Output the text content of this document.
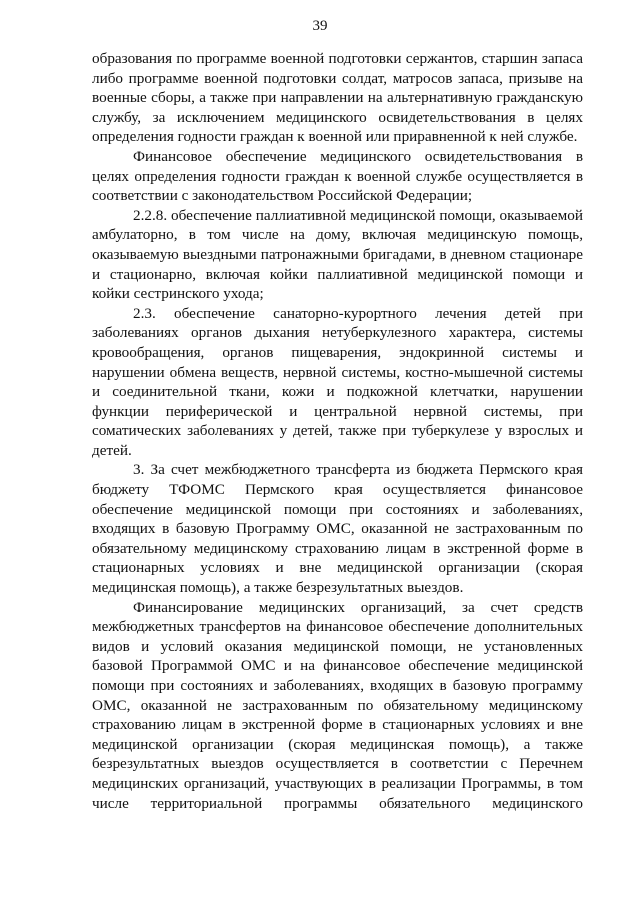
39

образования по программе военной подготовки сержантов, старшин запаса либо программе военной подготовки солдат, матросов запаса, призыве на военные сборы, а также при направлении на альтернативную гражданскую службу, за исключением медицинского освидетельствования в целях определения годности граждан к военной или приравненной к ней службе.

Финансовое обеспечение медицинского освидетельствования в целях определения годности граждан к военной службе осуществляется в соответствии с законодательством Российской Федерации;

2.2.8. обеспечение паллиативной медицинской помощи, оказываемой амбулаторно, в том числе на дому, включая медицинскую помощь, оказываемую выездными патронажными бригадами, в дневном стационаре и стационарно, включая койки паллиативной медицинской помощи и койки сестринского ухода;

2.3. обеспечение санаторно-курортного лечения детей при заболеваниях органов дыхания нетуберкулезного характера, системы кровообращения, органов пищеварения, эндокринной системы и нарушении обмена веществ, нервной системы, костно-мышечной системы и соединительной ткани, кожи и подкожной клетчатки, нарушении функции периферической и центральной нервной системы, при соматических заболеваниях у детей, также при туберкулезе у взрослых и детей.

3. За счет межбюджетного трансферта из бюджета Пермского края бюджету ТФОМС Пермского края осуществляется финансовое обеспечение медицинской помощи при состояниях и заболеваниях, входящих в базовую Программу ОМС, оказанной не застрахованным по обязательному медицинскому страхованию лицам в экстренной форме в стационарных условиях и вне медицинской организации (скорая медицинская помощь), а также безрезультатных выездов.

Финансирование медицинских организаций, за счет средств межбюджетных трансфертов на финансовое обеспечение дополнительных видов и условий оказания медицинской помощи, не установленных базовой Программой ОМС и на финансовое обеспечение медицинской помощи при состояниях и заболеваниях, входящих в базовую программу ОМС, оказанной не застрахованным по обязательному медицинскому страхованию лицам в экстренной форме в стационарных условиях и вне медицинской организации (скорая медицинская помощь), а также безрезультатных выездов осуществляется в соответстии с Перечнем медицинских организаций, участвующих в реализации Программы, в том числе территориальной программы обязательного медицинского
